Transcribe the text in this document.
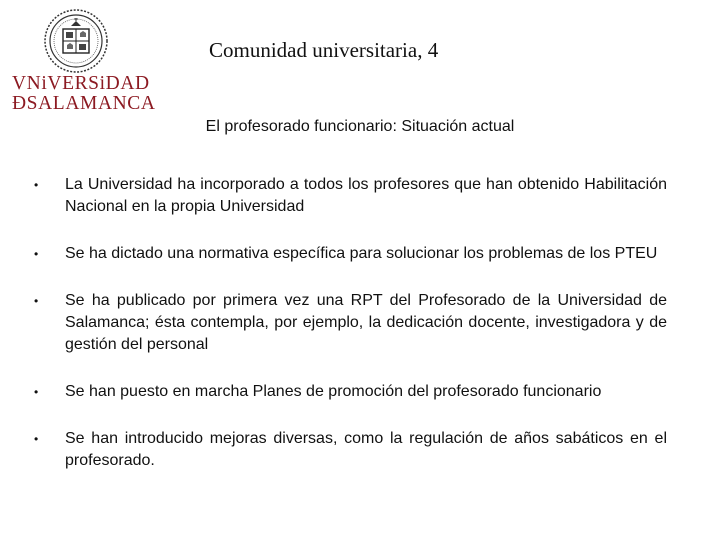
VNiVERSiDAD
ÐSALAMANCA
Comunidad universitaria, 4
El profesorado funcionario: Situación actual
• La Universidad ha incorporado a todos los profesores que han obtenido Habilitación Nacional en la propia Universidad
• Se ha dictado una normativa específica para solucionar los problemas de los PTEU
• Se ha publicado por primera vez una RPT del Profesorado de la Universidad de Salamanca; ésta contempla, por ejemplo, la dedicación docente, investigadora y de gestión del personal
• Se han puesto en marcha Planes de promoción del profesorado funcionario
• Se han introducido mejoras diversas, como la regulación de años sabáticos en el profesorado.
